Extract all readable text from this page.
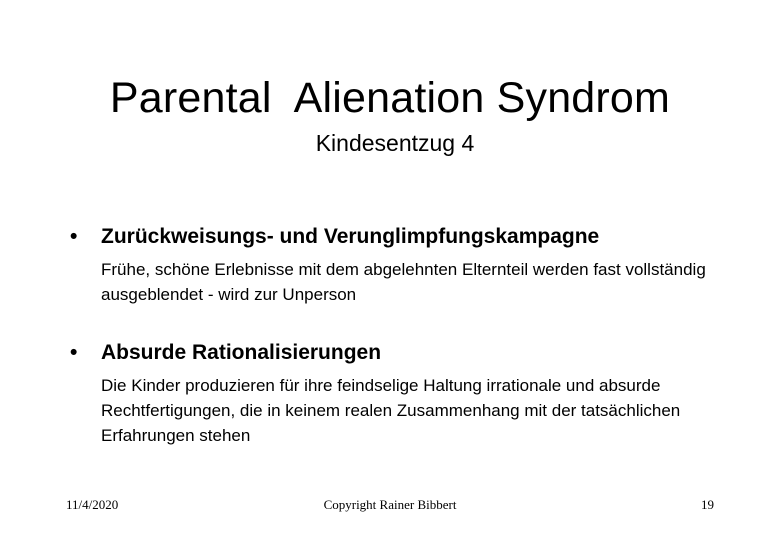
Parental  Alienation Syndrom
Kindesentzug 4
•	Zurückweisungs- und Verunglimpfungskampagne
Frühe, schöne Erlebnisse mit dem abgelehnten Elternteil werden fast vollständig ausgeblendet - wird zur Unperson
•	Absurde Rationalisierungen
Die Kinder produzieren für ihre feindselige Haltung irrationale und absurde Rechtfertigungen, die in keinem realen Zusammenhang mit der tatsächlichen Erfahrungen stehen
11/4/2020	Copyright Rainer Bibbert	19
